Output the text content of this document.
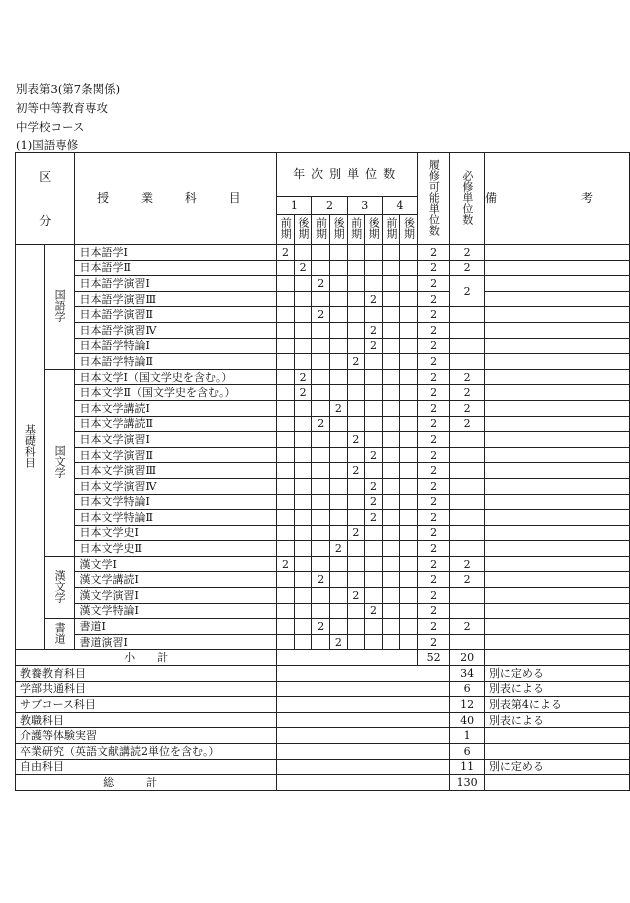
別表第3(第7条関係)
初等中等教育専攻
中学校コース
(1)国語専修
区

分		授 業 科 目	年次別単位数								履修可能単位数	必修単位数	備　考
			1		2		3		4				
			前期	後期	前期	後期	前期	後期	前期	後期			
基礎科目	国語学	日本語学Ⅰ	2								2	2	
		日本語学Ⅱ		2							2	2	
		日本語学演習Ⅰ			2						2	2	
		日本語学演習Ⅲ						2			2		
		日本語学演習Ⅱ			2						2		
		日本語学演習Ⅳ						2			2		
		日本語学特論Ⅰ						2			2		
		日本語学特論Ⅱ					2				2		
	国文学	日本文学Ⅰ（国文学史を含む。）		2							2	2	
		日本文学Ⅱ（国文学史を含む。）		2							2	2	
		日本文学講読Ⅰ				2					2	2	
		日本文学講読Ⅱ			2						2	2	
		日本文学演習Ⅰ					2				2		
		日本文学演習Ⅱ						2			2		
		日本文学演習Ⅲ					2				2		
		日本文学演習Ⅳ						2			2		
		日本文学特論Ⅰ						2			2		
		日本文学特論Ⅱ						2			2		
		日本文学史Ⅰ					2				2		
		日本文学史Ⅱ				2					2		
	漢文学	漢文学Ⅰ	2								2	2	
		漢文学講読Ⅰ			2						2	2	
		漢文学演習Ⅰ					2				2		
		漢文学特論Ⅰ						2			2		
	書道	書道Ⅰ			2						2	2	
		書道演習Ⅰ				2					2		
小　　計											52	20	
教養教育科目												34	別に定める
学部共通科目												6	別表による
サブコース科目												12	別表第4による
教職科目												40	別表による
介護等体験実習												1	
卒業研究（英語文献講読2単位を含む。）												6	
自由科目												11	別に定める
総計												130	
